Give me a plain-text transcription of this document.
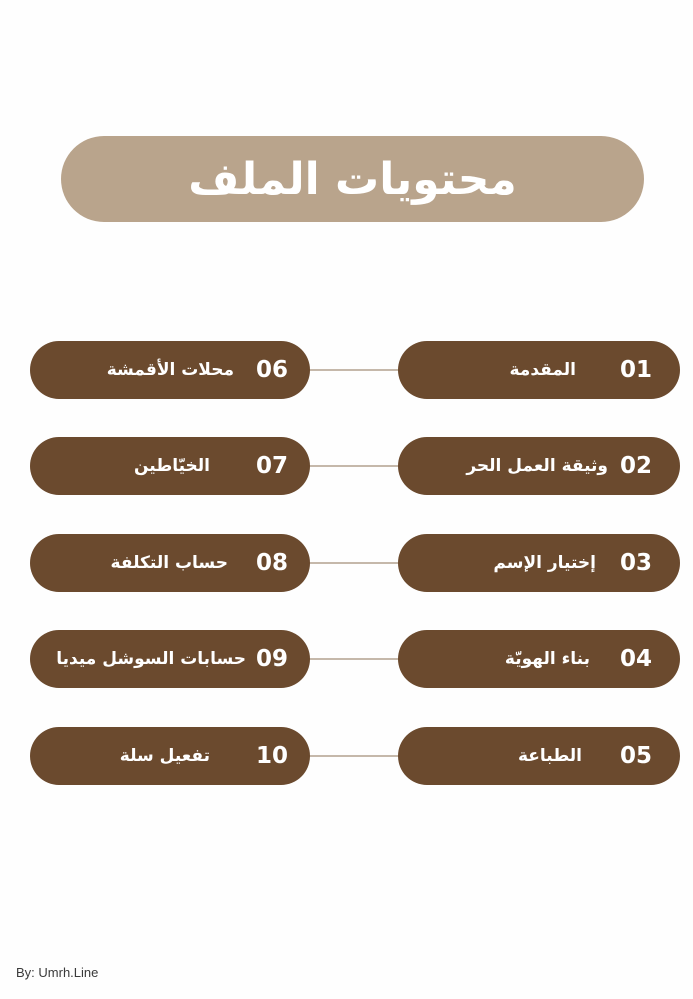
محتويات الملف
01
المقدمة
06
محلات الأقمشة
02
وثيقة العمل الحر
07
الخيّاطين
03
إختيار الإسم
08
حساب التكلفة
04
بناء الهويّة
09
حسابات السوشل ميديا
05
الطباعة
10
تفعيل سلة
By: Umrh.Line
